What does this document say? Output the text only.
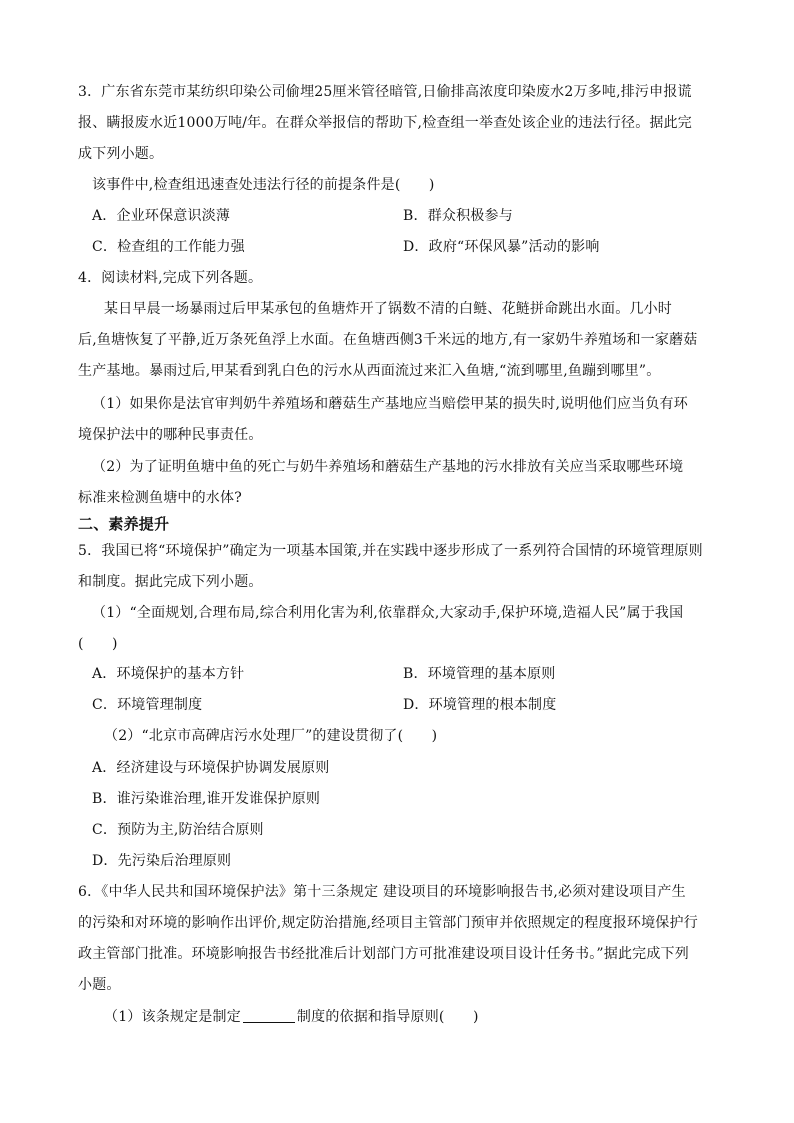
3．广东省东莞市某纺织印染公司偷埋25厘米管径暗管,日偷排高浓度印染废水2万多吨,排污申报谎
报、瞒报废水近1000万吨/年。在群众举报信的帮助下,检查组一举查处该企业的违法行径。据此完
成下列小题。
该事件中,检查组迅速查处违法行径的前提条件是(　　)
A．企业环保意识淡薄	B．群众积极参与
C．检查组的工作能力强	D．政府“环保风暴”活动的影响
4．阅读材料,完成下列各题。
某日早晨一场暴雨过后甲某承包的鱼塘炸开了锅数不清的白鲢、花鲢拼命跳出水面。几小时
后,鱼塘恢复了平静,近万条死鱼浮上水面。在鱼塘西侧3千米远的地方,有一家奶牛养殖场和一家蘑菇
生产基地。暴雨过后,甲某看到乳白色的污水从西面流过来汇入鱼塘,“流到哪里,鱼蹦到哪里”。
（1）如果你是法官审判奶牛养殖场和蘑菇生产基地应当赔偿甲某的损失时,说明他们应当负有环
境保护法中的哪种民事责任。
（2）为了证明鱼塘中鱼的死亡与奶牛养殖场和蘑菇生产基地的污水排放有关应当采取哪些环境
标准来检测鱼塘中的水体?
二、素养提升
5．我国已将“环境保护”确定为一项基本国策,并在实践中逐步形成了一系列符合国情的环境管理原则
和制度。据此完成下列小题。
（1）“全面规划,合理布局,综合利用化害为利,依靠群众,大家动手,保护环境,造福人民”属于我国
(　　)
A．环境保护的基本方针	B．环境管理的基本原则
C．环境管理制度	D．环境管理的根本制度
（2）“北京市高碑店污水处理厂”的建设贯彻了(　　)
A．经济建设与环境保护协调发展原则
B．谁污染谁治理,谁开发谁保护原则
C．预防为主,防治结合原则
D．先污染后治理原则
6．《中华人民共和国环境保护法》第十三条规定 建设项目的环境影响报告书,必须对建设项目产生
的污染和对环境的影响作出评价,规定防治措施,经项目主管部门预审并依照规定的程度报环境保护行
政主管部门批准。环境影响报告书经批准后计划部门方可批准建设项目设计任务书。”据此完成下列
小题。
（1）该条规定是制定	制度的依据和指导原则(　　)
